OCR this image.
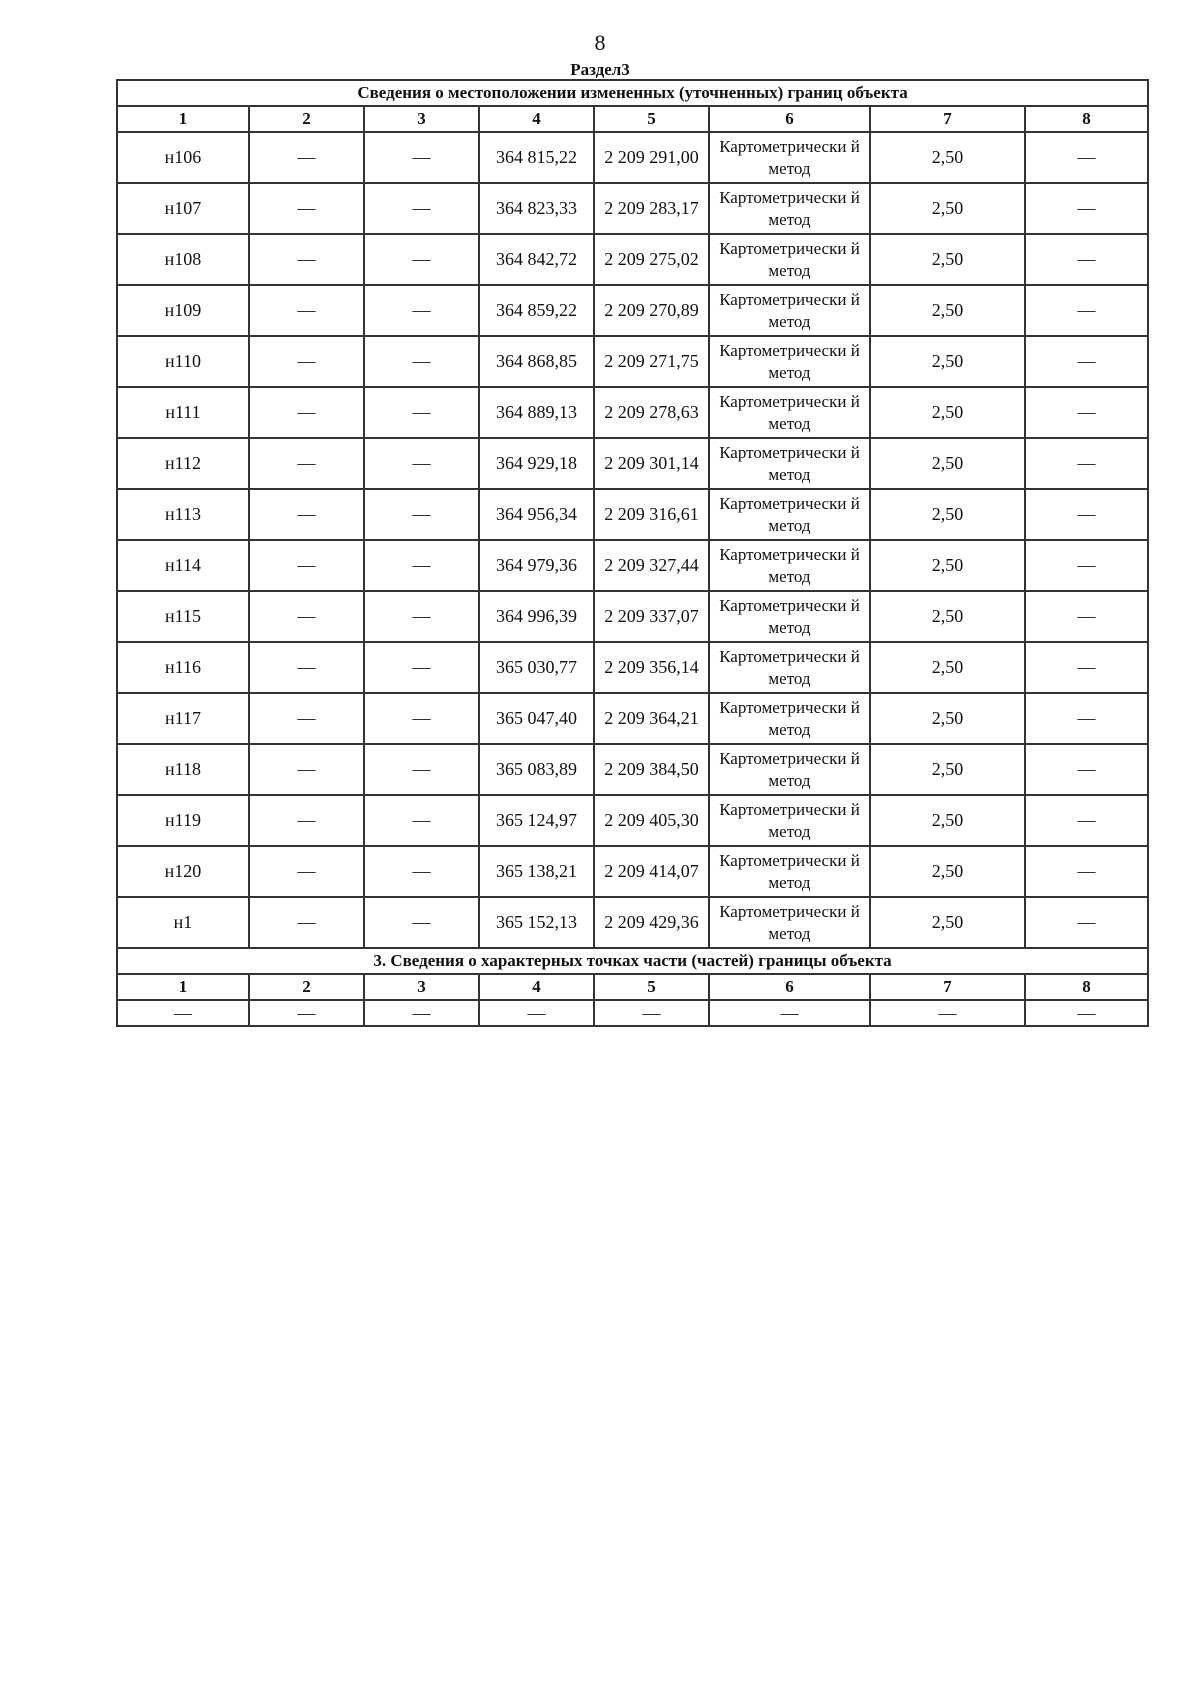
8
Раздел3
Сведения о местоположении измененных (уточненных) границ объекта							
1	2	3	4	5	6	7	8
н106	—	—	364 815,22	2 209 291,00	Картометрически й метод	2,50	—
н107	—	—	364 823,33	2 209 283,17	Картометрически й метод	2,50	—
н108	—	—	364 842,72	2 209 275,02	Картометрически й метод	2,50	—
н109	—	—	364 859,22	2 209 270,89	Картометрически й метод	2,50	—
н110	—	—	364 868,85	2 209 271,75	Картометрически й метод	2,50	—
н111	—	—	364 889,13	2 209 278,63	Картометрически й метод	2,50	—
н112	—	—	364 929,18	2 209 301,14	Картометрически й метод	2,50	—
н113	—	—	364 956,34	2 209 316,61	Картометрически й метод	2,50	—
н114	—	—	364 979,36	2 209 327,44	Картометрически й метод	2,50	—
н115	—	—	364 996,39	2 209 337,07	Картометрически й метод	2,50	—
н116	—	—	365 030,77	2 209 356,14	Картометрически й метод	2,50	—
н117	—	—	365 047,40	2 209 364,21	Картометрически й метод	2,50	—
н118	—	—	365 083,89	2 209 384,50	Картометрически й метод	2,50	—
н119	—	—	365 124,97	2 209 405,30	Картометрически й метод	2,50	—
н120	—	—	365 138,21	2 209 414,07	Картометрически й метод	2,50	—
н1	—	—	365 152,13	2 209 429,36	Картометрически й метод	2,50	—
3. Сведения о характерных точках части (частей) границы объекта							
1	2	3	4	5	6	7	8
—	—	—	—	—	—	—	—
